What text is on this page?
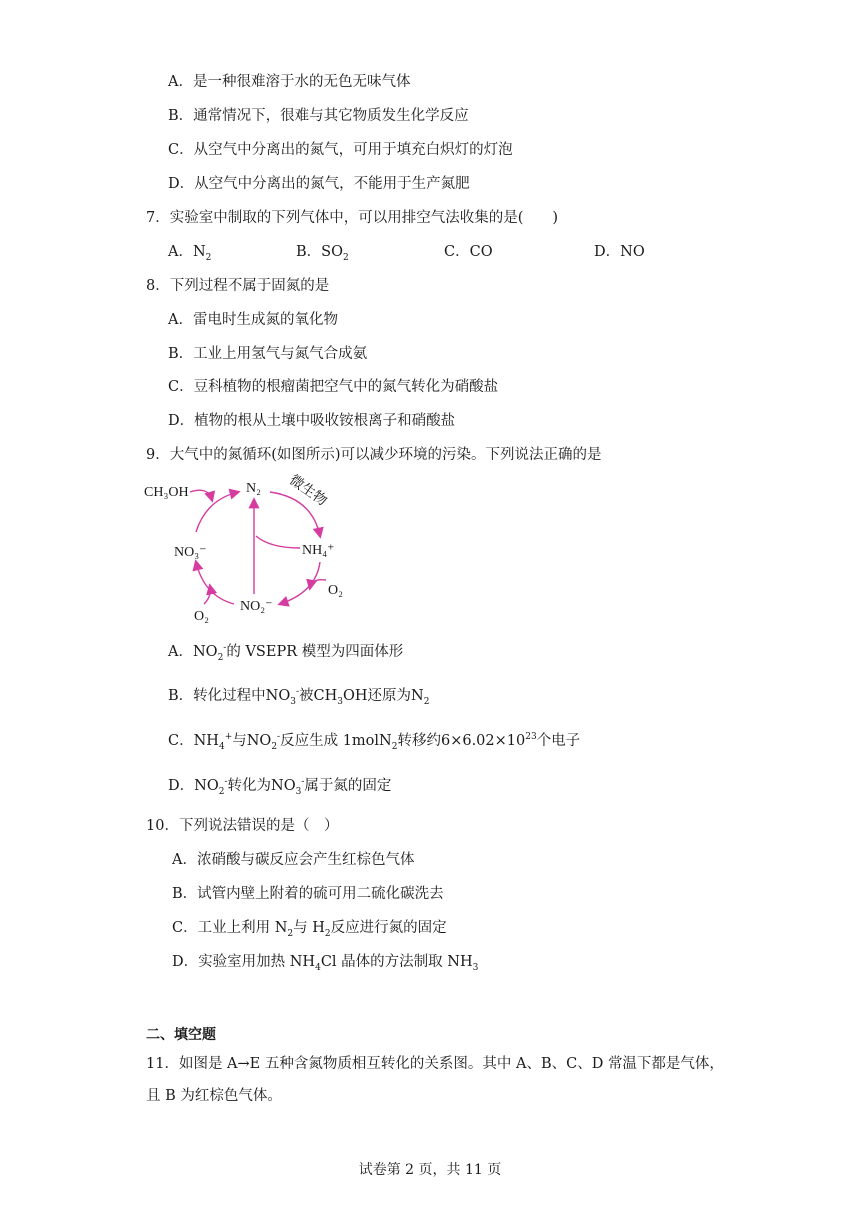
A．是一种很难溶于水的无色无味气体
B．通常情况下，很难与其它物质发生化学反应
C．从空气中分离出的氮气，可用于填充白炽灯的灯泡
D．从空气中分离出的氮气，不能用于生产氮肥
7．实验室中制取的下列气体中，可以用排空气法收集的是(　　)
A．$N_2$	B．$SO_2$	C．CO	D．NO
8．下列过程不属于固氮的是
A．雷电时生成氮的氧化物
B．工业上用氢气与氮气合成氨
C．豆科植物的根瘤菌把空气中的氮气转化为硝酸盐
D．植物的根从土壤中吸收铵根离子和硝酸盐
9．大气中的氮循环(如图所示)可以减少环境的污染。下列说法正确的是
CH₃OH	N₂ 微生物
NH₄⁺
O₂
NO₂⁻
O₂
NO₃⁻
A．$NO_2^-$的 VSEPR 模型为四面体形
B．转化过程中$NO_3^-$被$CH_3OH$还原为$N_2$
C．$NH_4^+$与$NO_2^-$反应生成 1molN$_2$转移约$6\times 6.02\times 10^{23}$个电子
D．$NO_2^-$转化为$NO_3^-$属于氮的固定
10．下列说法错误的是（　）
A．浓硝酸与碳反应会产生红棕色气体
B．试管内壁上附着的硫可用二硫化碳洗去
C．工业上利用 $N_2$与 $H_2$反应进行氮的固定
D．实验室用加热 $NH_4Cl$ 晶体的方法制取 $NH_3$
二、填空题
11．如图是 A→E 五种含氮物质相互转化的关系图。其中 A、B、C、D 常温下都是气体，
且 B 为红棕色气体。
试卷第 2 页，共 11 页
